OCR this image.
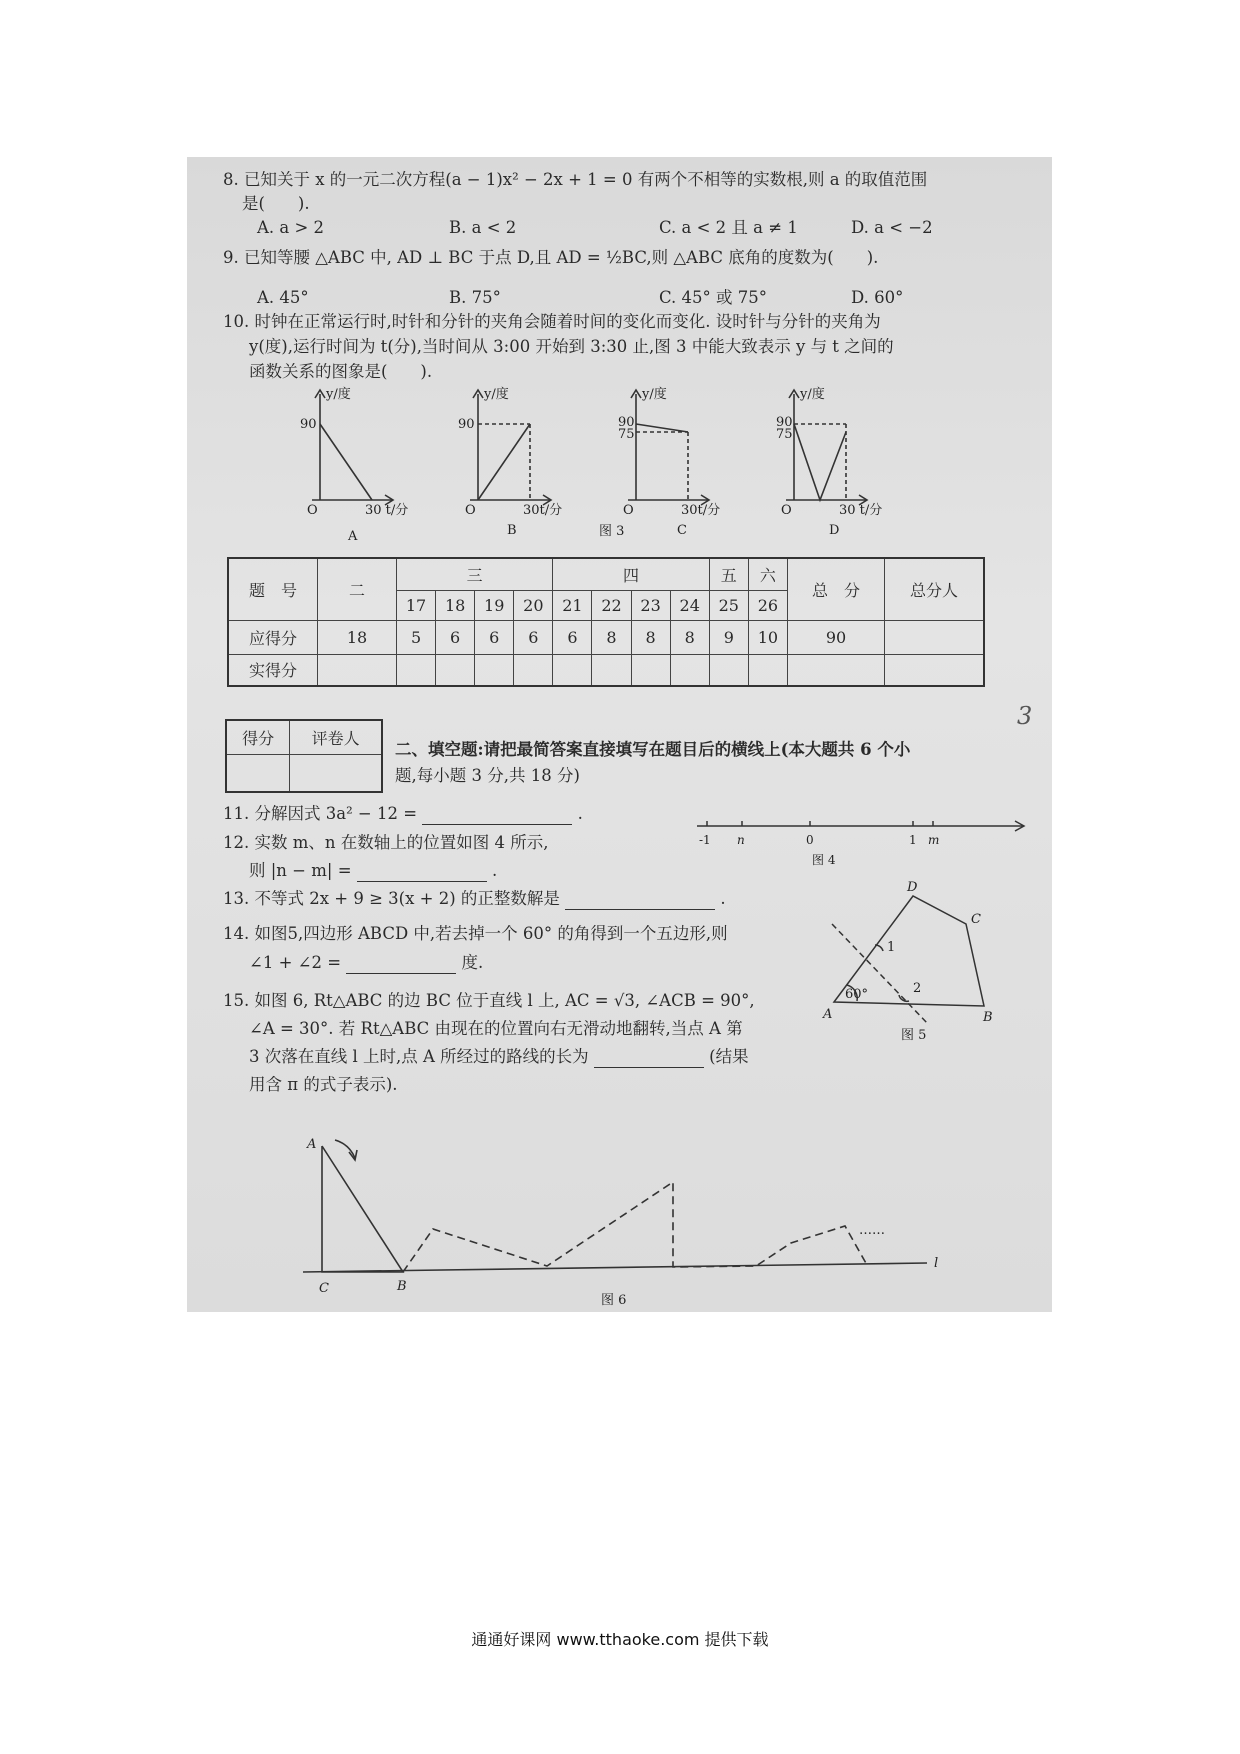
8. 已知关于 x 的一元二次方程(a − 1)x² − 2x + 1 = 0 有两个不相等的实数根,则 a 的取值范围
是(　　).
A. a > 2	B. a < 2	C. a < 2 且 a ≠ 1	D. a < −2
9. 已知等腰 △ABC 中, AD ⊥ BC 于点 D,且 AD = ½BC,则 △ABC 底角的度数为(　　).
A. 45°	B. 75°	C. 45° 或 75°	D. 60°
10. 时钟在正常运行时,时针和分针的夹角会随着时间的变化而变化. 设时针与分针的夹角为
y(度),运行时间为 t(分),当时间从 3:00 开始到 3:30 止,图 3 中能大致表示 y 与 t 之间的
函数关系的图象是(　　).
y/度
90
O	30 t/分
A
y/度
90
O	30t/分
B
y/度
90
75
O	30t/分
C
y/度
90
75
O	30 t/分
D
图 3
题　号	二	三				四				五	六	总　分	总分人
		17	18	19	20	21	22	23	24	25	26		
应得分	18	5	6	6	6	6	8	8	8	9	10	90	
实得分													
得分	评卷人

3
二、填空题:请把最简答案直接填写在题目后的横线上(本大题共 6 个小
题,每小题 3 分,共 18 分)
11. 分解因式 3a² − 12 =	.
12. 实数 m、n 在数轴上的位置如图 4 所示,
则 |n − m| =	.
-1 n	0	1 m
图 4
13. 不等式 2x + 9 ≥ 3(x + 2) 的正整数解是	.
14. 如图5,四边形 ABCD 中,若去掉一个 60° 的角得到一个五边形,则
∠1 + ∠2 =	度.
D
C
A	B
1
2
60°
图 5
15. 如图 6, Rt△ABC 的边 BC 位于直线 l 上, AC = √3, ∠ACB = 90°,
∠A = 30°. 若 Rt△ABC 由现在的位置向右无滑动地翻转,当点 A 第
3 次落在直线 l 上时,点 A 所经过的路线的长为	(结果
用含 π 的式子表示).
A
C	B
l
……
图 6
通通好课网 www.tthaoke.com 提供下载
